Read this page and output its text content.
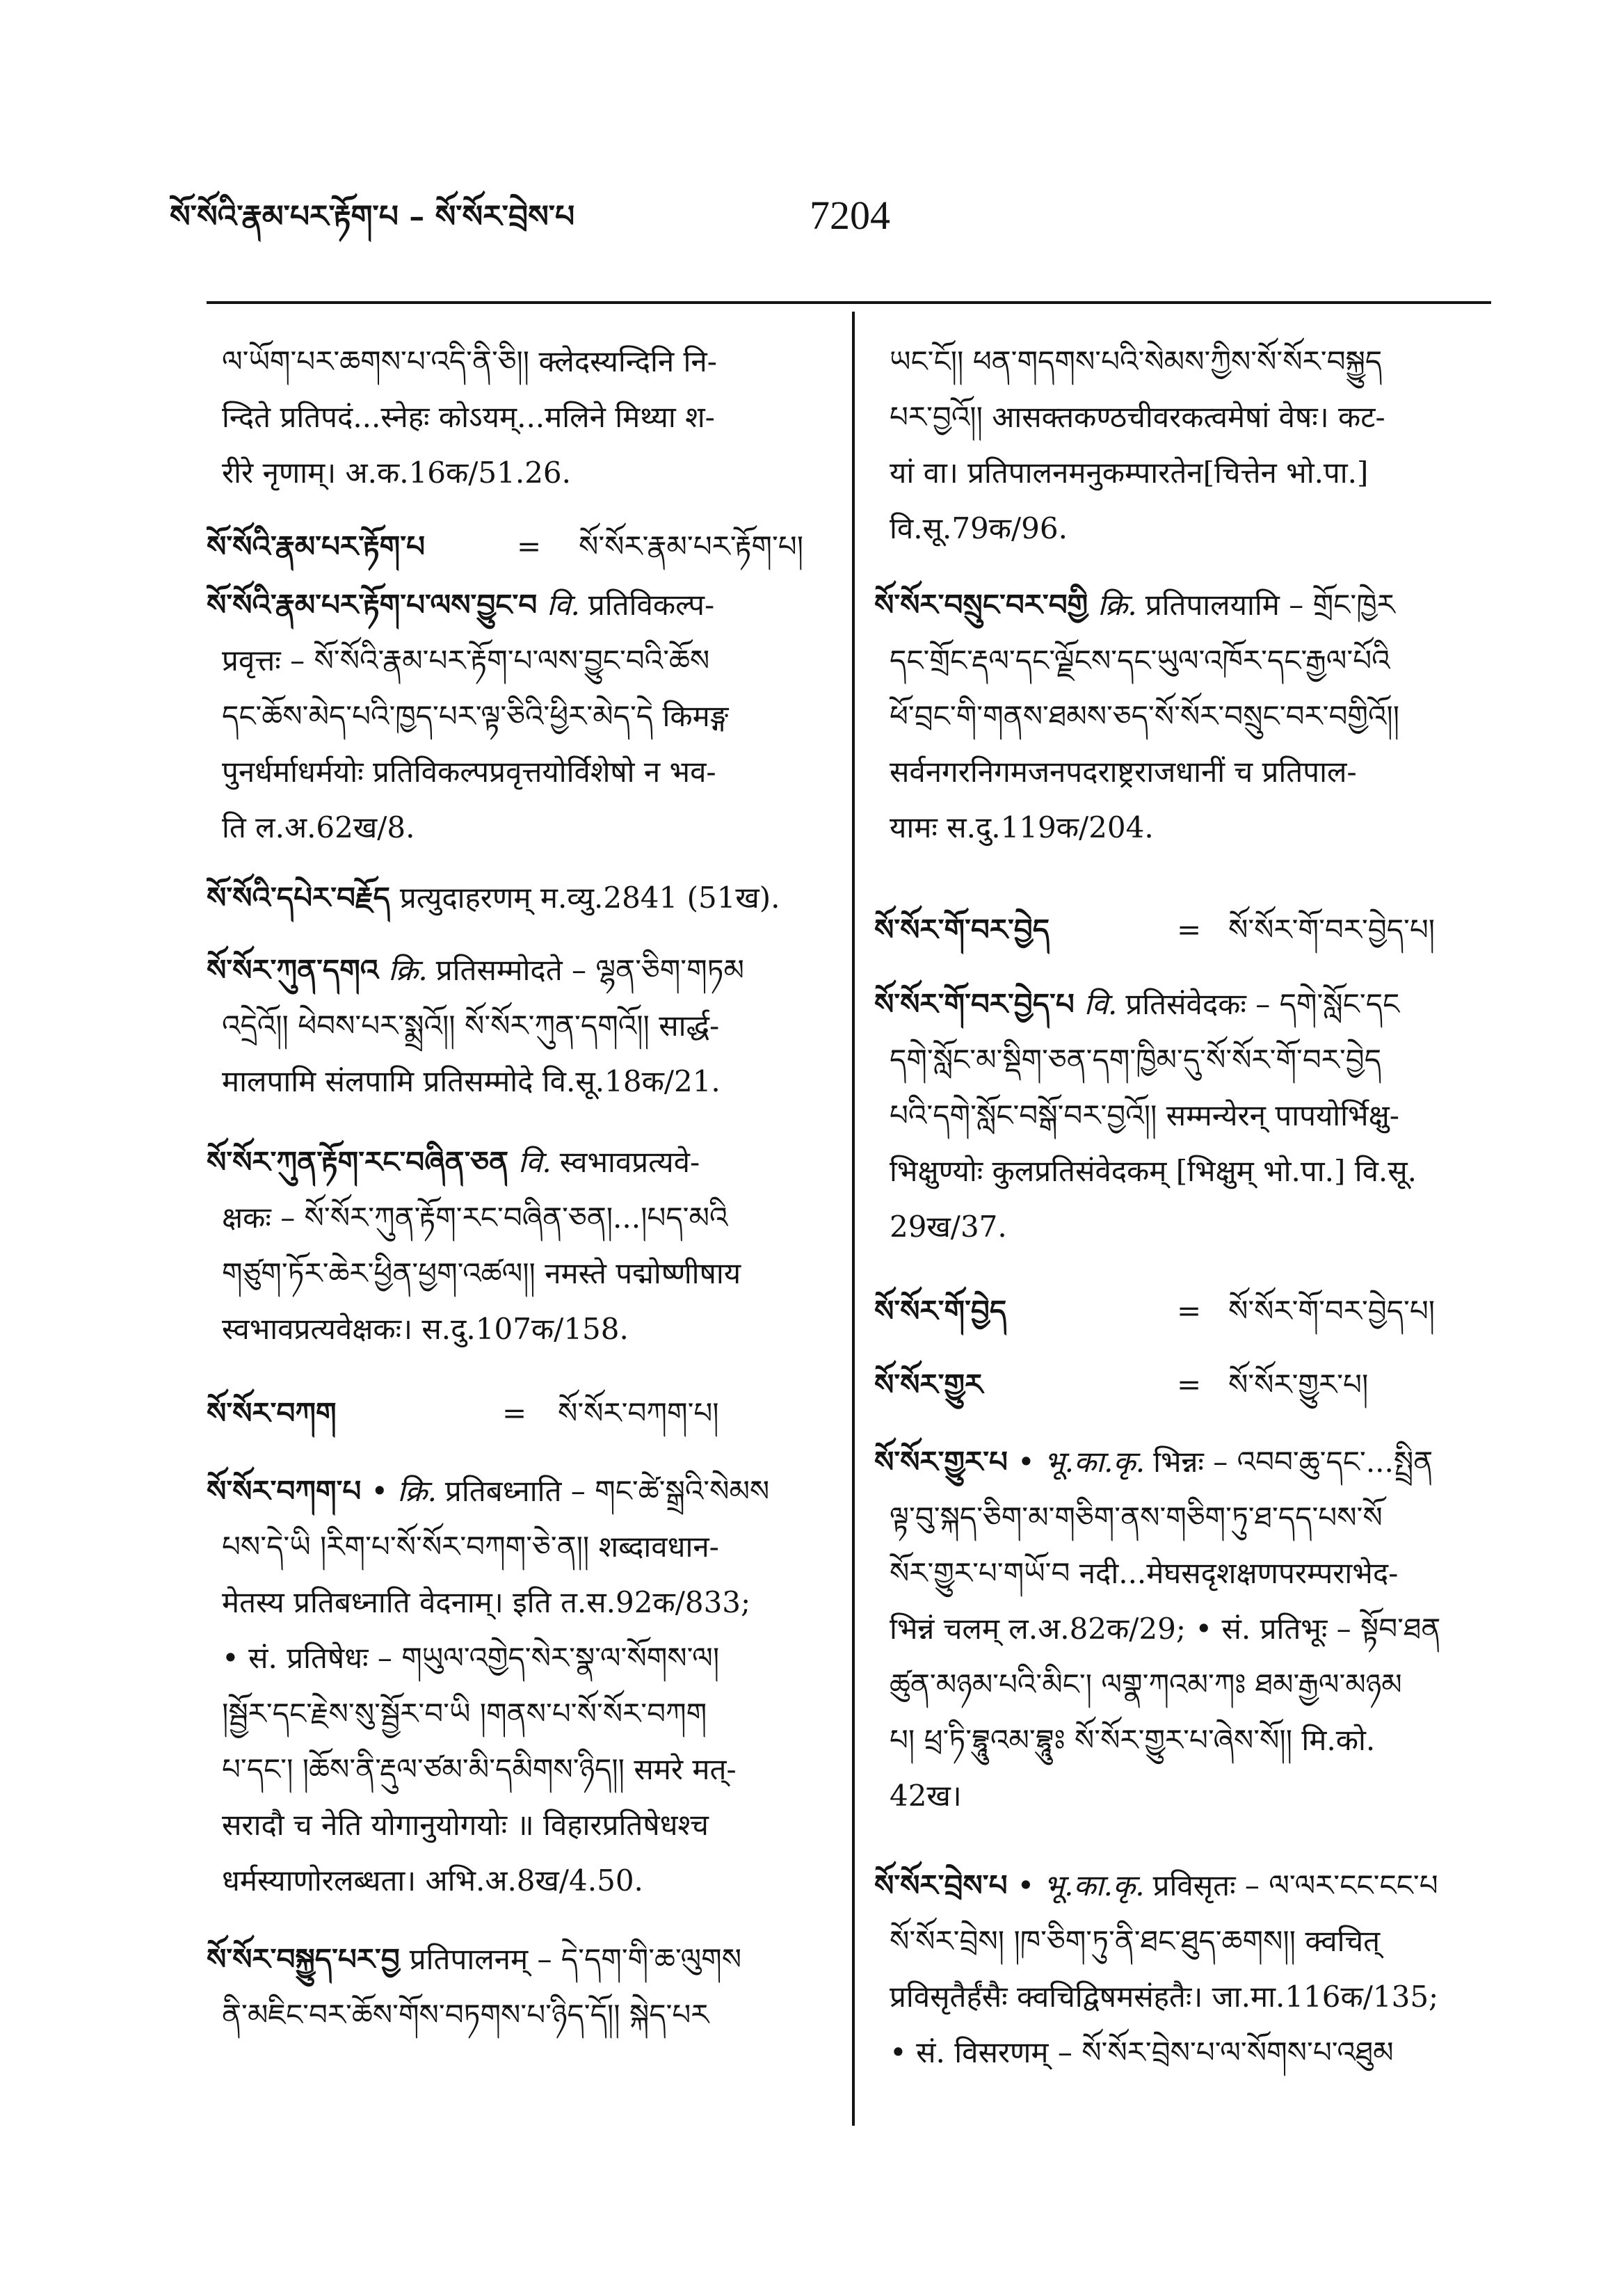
སོ་སོའི་རྣམ་པར་རྟོག་པ – སོ་སོར་བྲེས་པ	7204
ལ་ཡོག་པར་ཆགས་པ་འདི་ནི་ཅི།། क्लेदस्यन्दिनि नि-
न्दिते प्रतिपदं...स्नेहः कोऽयम्...मलिने मिथ्या श-
रीरे नृणाम्। अ.क.16क/51.26.
སོ་སོའི་རྣམ་པར་རྟོག་པ	= སོ་སོར་རྣམ་པར་རྟོག་པ།
སོ་སོའི་རྣམ་པར་རྟོག་པ་ལས་བྱུང་བ वि. प्रतिविकल्प-
प्रवृत्तः – སོ་སོའི་རྣམ་པར་རྟོག་པ་ལས་བྱུང་བའི་ཆོས
དང་ཆོས་མེད་པའི་ཁྱད་པར་ལྟ་ཅིའི་ཕྱིར་མེད་དེ किमङ्ग
पुनर्धर्माधर्मयोः प्रतिविकल्पप्रवृत्तयोर्विशेषो न भव-
ति ल.अ.62ख/8.
སོ་སོའི་དཔེར་བརྗོད प्रत्युदाहरणम् म.व्यु.2841 (51ख).
སོ་སོར་ཀུན་དགའ क्रि. प्रतिसम्मोदते – ལྷན་ཅིག་གཏམ
འདྲེའོ།། ཕེབས་པར་སྨྲའོ།། སོ་སོར་ཀུན་དགའོ།། सार्द्ध-
मालपामि संलपामि प्रतिसम्मोदे वि.सू.18क/21.
སོ་སོར་ཀུན་རྟོག་རང་བཞིན་ཅན वि. स्वभावप्रत्यवे-
क्षकः – སོ་སོར་ཀུན་རྟོག་རང་བཞིན་ཅན།...།པད་མའི
གཙུག་ཏོར་ཆེར་ཕྱིན་ཕྱག་འཚལ།། नमस्ते पद्मोष्णीषाय
स्वभावप्रत्यवेक्षकः। स.दु.107क/158.
སོ་སོར་བཀག	= སོ་སོར་བཀག་པ།
སོ་སོར་བཀག་པ • क्रि. प्रतिबध्नाति – གང་ཚེ་སྒྲའི་སེམས
པས་དེ་ཡི །རིག་པ་སོ་སོར་བཀག་ཅེ་ན།། शब्दावधान-
मेतस्य प्रतिबध्नाति वेदनाम्। इति त.स.92क/833;
• सं. प्रतिषेधः – གཡུལ་འགྱེད་སེར་སྣ་ལ་སོགས་ལ།
།སྦྱོར་དང་རྗེས་སུ་སྦྱོར་བ་ཡི །གནས་པ་སོ་སོར་བཀག
པ་དང་། །ཆོས་ནི་རྡུལ་ཙམ་མི་དམིགས་ཉིད།། समरे मत्-
सरादौ च नेति योगानुयोगयोः ॥ विहारप्रतिषेधश्च
धर्मस्याणोरलब्धता। अभि.अ.8ख/4.50.
སོ་སོར་བསྐྱུད་པར་བྱ प्रतिपालनम् – དེ་དག་གི་ཆ་ལུགས
ནི་མཇིང་བར་ཆོས་གོས་བཏགས་པ་ཉིད་དོ།། སྐེད་པར
ཡང་ངོ།། ཕན་གདགས་པའི་སེམས་ཀྱིས་སོ་སོར་བསྐྱུད
པར་བྱའོ།། आसक्तकण्ठचीवरकत्वमेषां वेषः। कट-
यां वा। प्रतिपालनमनुकम्पारतेन[चित्तेन भो.पा.]
वि.सू.79क/96.
སོ་སོར་བསྲུང་བར་བགྱི क्रि. प्रतिपालयामि – གྲོང་ཁྱེར
དང་གྲོང་རྡལ་དང་ལྗོངས་དང་ཡུལ་འཁོར་དང་རྒྱལ་པོའི
ཕོ་བྲང་གི་གནས་ཐམས་ཅད་སོ་སོར་བསྲུང་བར་བགྱིའོ།།
सर्वनगरनिगमजनपदराष्ट्रराजधानीं च प्रतिपाल-
यामः स.दु.119क/204.
སོ་སོར་གོ་བར་བྱེད	= སོ་སོར་གོ་བར་བྱེད་པ།
སོ་སོར་གོ་བར་བྱེད་པ वि. प्रतिसंवेदकः – དགེ་སློང་དང
དགེ་སློང་མ་སྡིག་ཅན་དག་ཁྱིམ་དུ་སོ་སོར་གོ་བར་བྱེད
པའི་དགེ་སློང་བསྒོ་བར་བྱའོ།། सम्मन्येरन् पापयोर्भिक्षु-
भिक्षुण्योः कुलप्रतिसंवेदकम् [भिक्षुम् भो.पा.] वि.सू.
29ख/37.
སོ་སོར་གོ་བྱེད	= སོ་སོར་གོ་བར་བྱེད་པ།
སོ་སོར་གྱུར	= སོ་སོར་གྱུར་པ།
སོ་སོར་གྱུར་པ • भू.का.कृ. भिन्नः – འབབ་ཆུ་དང་...སྤྲིན
ལྟ་བུ་སྐད་ཅིག་མ་གཅིག་ནས་གཅིག་ཏུ་ཐ་དད་པས་སོ
སོར་གྱུར་པ་གཡོ་བ नदी...मेघसदृशक्षणपरम्पराभेद-
भिन्नं चलम् ल.अ.82क/29; • सं. प्रतिभूः – སྟོབ་ཐན
ཚུན་མཉམ་པའི་མིང་། ལགྣ་ཀའམ་ཀཿ ཐམ་རྒྱལ་མཉམ
པ། ཕྲ་ཏི་བྷཱུའམ་བྷཱུཿ སོ་སོར་གྱུར་པ་ཞེས་སོ།། मि.को.
42ख।
སོ་སོར་བྲེས་པ • भू.का.कृ. प्रविसृतः – ལ་ལར་ངང་ངང་པ
སོ་སོར་བྲེས། །ཁ་ཅིག་ཏུ་ནི་ཐང་ཐུད་ཆགས།། क्वचित्
प्रविसृतैर्हंसैः क्वचिद्विषमसंहतैः। जा.मा.116क/135;
• सं. विसरणम् – སོ་སོར་བྲེས་པ་ལ་སོགས་པ་འཐུམ
